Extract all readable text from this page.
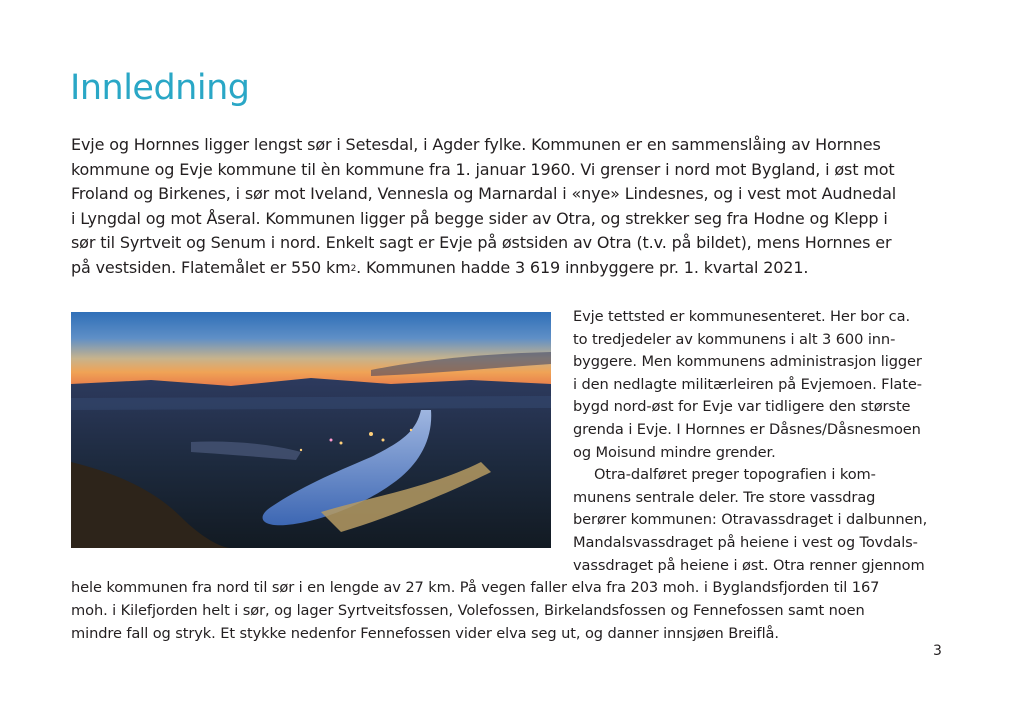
Innledning

Evje og Hornnes ligger lengst sør i Setesdal, i Agder fylke. Kommunen er en sammenslåing av Hornnes

kommune og Evje kommune til èn kommune fra 1. januar 1960. Vi grenser i nord mot Bygland, i øst mot

Froland og Birkenes, i sør mot Iveland, Vennesla og Marnardal i «nye» Lindesnes, og i vest mot Audnedal

i Lyngdal og mot Åseral. Kommunen ligger på begge sider av Otra, og strekker seg fra Hodne og Klepp i

sør til Syrtveit og Senum i nord. Enkelt sagt er Evje på østsiden av Otra (t.v. på bildet), mens Hornnes er

på vestsiden. Flatemålet er 550 $km^2$. Kommunen hadde 3 619 innbyggere pr. 1. kvartal 2021.

Evje tettsted er kommunesenteret. Her bor ca.

to tredjedeler av kommunens i alt 3 600 inn-

byggere. Men kommunens administrasjon ligger

i den nedlagte militærleiren på Evjemoen. Flate-

bygd nord-øst for Evje var tidligere den største

grenda i Evje. I Hornnes er Dåsnes/Dåsnesmoen

og Moisund mindre grender.

Otra-dalføret preger topografien i kom-

munens sentrale deler. Tre store vassdrag

berører kommunen: Otravassdraget i dalbunnen,

Mandalsvassdraget på heiene i vest og Tovdals-

vassdraget på heiene i øst. Otra renner gjennom

hele kommunen fra nord til sør i en lengde av 27 km. På vegen faller elva fra 203 moh. i Byglandsfjorden til 167

moh. i Kilefjorden helt i sør, og lager Syrtveitsfossen, Volefossen, Birkelandsfossen og Fennefossen samt noen

mindre fall og stryk. Et stykke nedenfor Fennefossen vider elva seg ut, og danner innsjøen Breiflå.

3
